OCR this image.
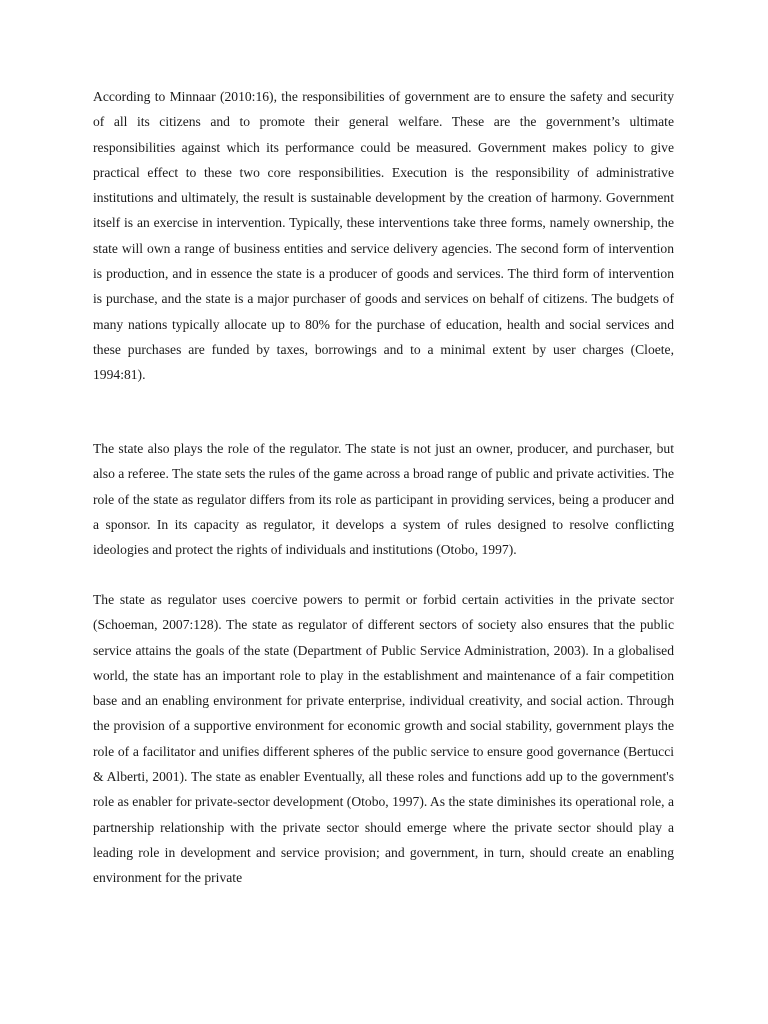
According to Minnaar (2010:16), the responsibilities of government are to ensure the safety and security of all its citizens and to promote their general welfare. These are the government’s ultimate responsibilities against which its performance could be measured. Government makes policy to give practical effect to these two core responsibilities. Execution is the responsibility of administrative institutions and ultimately, the result is sustainable development by the creation of harmony. Government itself is an exercise in intervention. Typically, these interventions take three forms, namely ownership, the state will own a range of business entities and service delivery agencies. The second form of intervention is production, and in essence the state is a producer of goods and services. The third form of intervention is purchase, and the state is a major purchaser of goods and services on behalf of citizens. The budgets of many nations typically allocate up to 80% for the purchase of education, health and social services and these purchases are funded by taxes, borrowings and to a minimal extent by user charges (Cloete, 1994:81).

The state also plays the role of the regulator. The state is not just an owner, producer, and purchaser, but also a referee. The state sets the rules of the game across a broad range of public and private activities. The role of the state as regulator differs from its role as participant in providing services, being a producer and a sponsor. In its capacity as regulator, it develops a system of rules designed to resolve conflicting ideologies and protect the rights of individuals and institutions (Otobo, 1997).

The state as regulator uses coercive powers to permit or forbid certain activities in the private sector (Schoeman, 2007:128). The state as regulator of different sectors of society also ensures that the public service attains the goals of the state (Department of Public Service Administration, 2003). In a globalised world, the state has an important role to play in the establishment and maintenance of a fair competition base and an enabling environment for private enterprise, individual creativity, and social action. Through the provision of a supportive environment for economic growth and social stability, government plays the role of a facilitator and unifies different spheres of the public service to ensure good governance (Bertucci & Alberti, 2001). The state as enabler Eventually, all these roles and functions add up to the government's role as enabler for private-sector development (Otobo, 1997). As the state diminishes its operational role, a partnership relationship with the private sector should emerge where the private sector should play a leading role in development and service provision; and government, in turn, should create an enabling environment for the private
